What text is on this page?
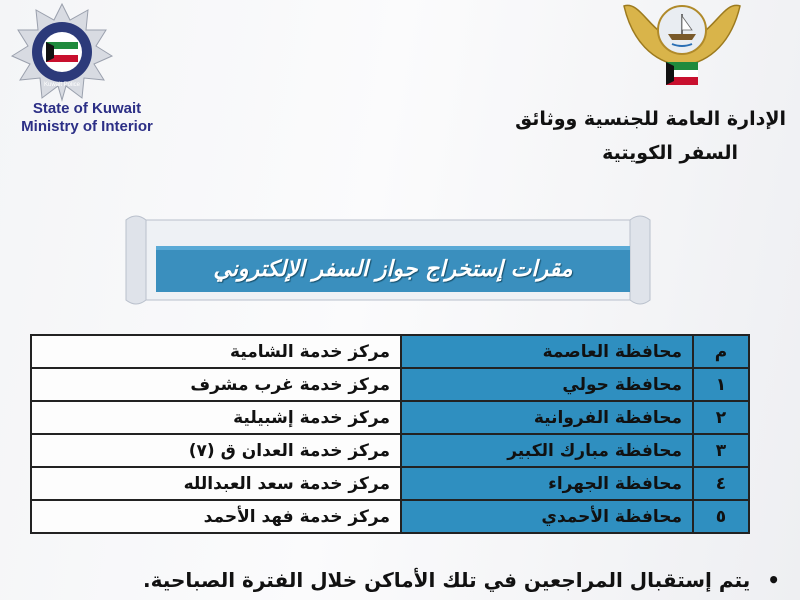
Kuwait Police
State of Kuwait
Ministry of Interior	الإدارة العامة للجنسية ووثائق
السفر الكويتية
مقرات إستخراج جواز السفر الإلكتروني
م	محافظة العاصمة	مركز خدمة الشامية
١	محافظة حولي	مركز خدمة غرب مشرف
٢	محافظة الفروانية	مركز خدمة إشبيلية
٣	محافظة مبارك الكبير	مركز خدمة العدان ق (٧)
٤	محافظة الجهراء	مركز خدمة سعد العبدالله
٥	محافظة الأحمدي	مركز خدمة فهد الأحمد
• يتم إستقبال المراجعين في تلك الأماكن خلال الفترة الصباحية.
